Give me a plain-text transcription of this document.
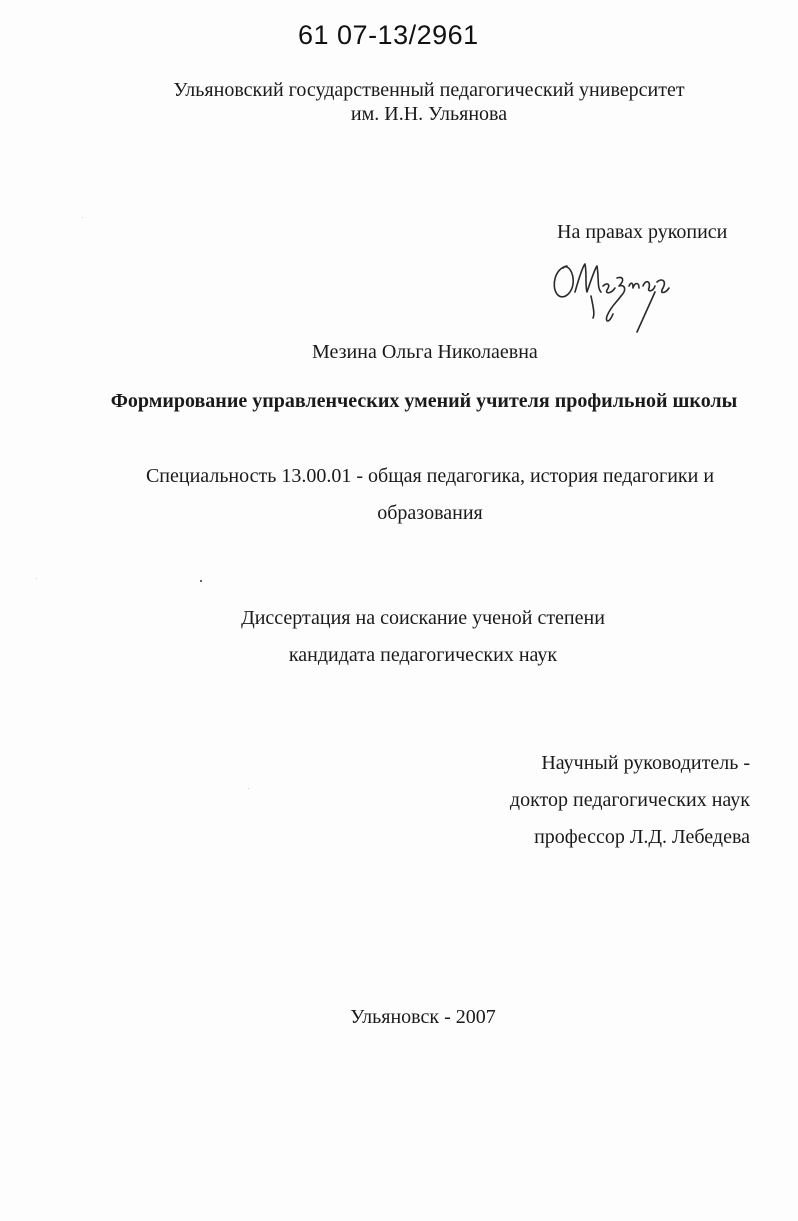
61 07-13/2961
Ульяновский государственный педагогический университет
им. И.Н. Ульянова
На правах рукописи
Мезина Ольга Николаевна
Формирование управленческих умений учителя профильной школы
Специальность 13.00.01 - общая педагогика, история педагогики и
образования
Диссертация на соискание ученой степени
кандидата педагогических наук
Научный руководитель -
доктор педагогических наук
профессор Л.Д. Лебедева
Ульяновск - 2007
